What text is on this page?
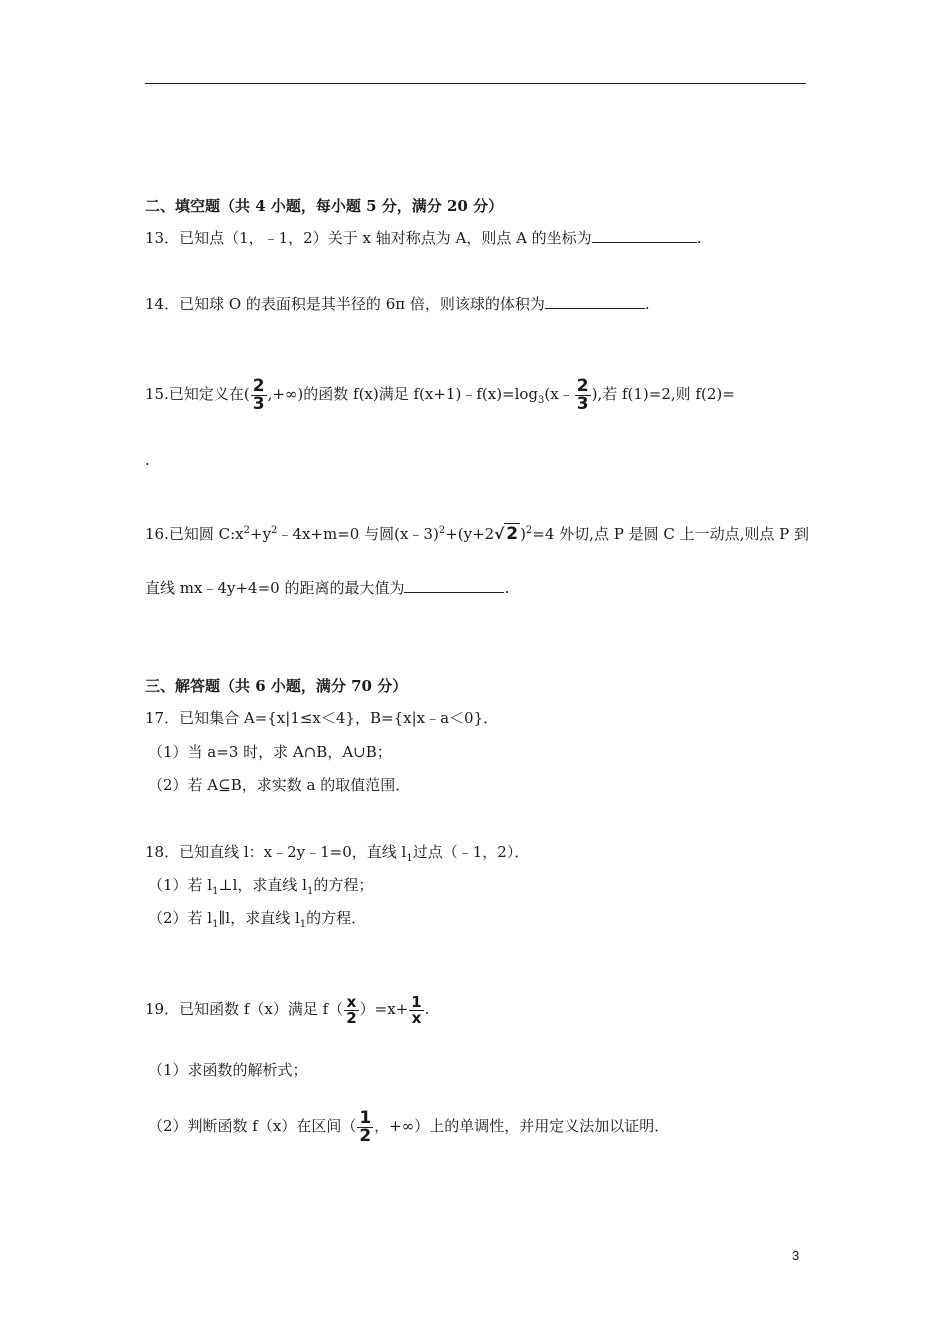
二、填空题（共 4 小题，每小题 5 分，满分 20 分）
13．已知点（1，﹣1，2）关于 x 轴对称点为 A，则点 A 的坐标为	.
14．已知球 O 的表面积是其半径的 6π 倍，则该球的体积为	.
15.已知定义在( $\frac{2}{3}$ ,+∞)的函数 f(x)满足 $f(x+1)﹣f(x)=\log_3(x﹣ \frac{2}{3}$ ),若 f(1)=2,则 f(2)=
.
16.已知圆 $C:x^2+y^2﹣4x+m=0$ 与圆(x﹣3)$^2$+(y+2√ 2 )$^2$=4 外切,点 P 是圆 C 上一动点,则点 P 到
直线 mx﹣4y+4=0 的距离的最大值为	.
三、解答题（共 6 小题，满分 70 分）
17．已知集合 A={x|1≤x＜4}，B={x|x﹣a＜0}．
（1）当 a=3 时，求 A∩B，A∪B；
（2）若 A⊆B，求实数 a 的取值范围．
18．已知直线 l：x﹣2y﹣1=0，直线 $l_1$过点（﹣1，2）．
（1）若 $l_1\perp l$，求直线 $l_1$的方程；
（2）若 $l_1\parallel l$，求直线 $l_1$的方程．
19．已知函数 f（x）满足 $f( \frac{x}{2} )=x+ \frac{1}{x}$ .
（1）求函数的解析式；
（2）判断函数 f（x）在区间（ $\frac{1}{2}$ ，+∞）上的单调性，并用定义法加以证明．
3
